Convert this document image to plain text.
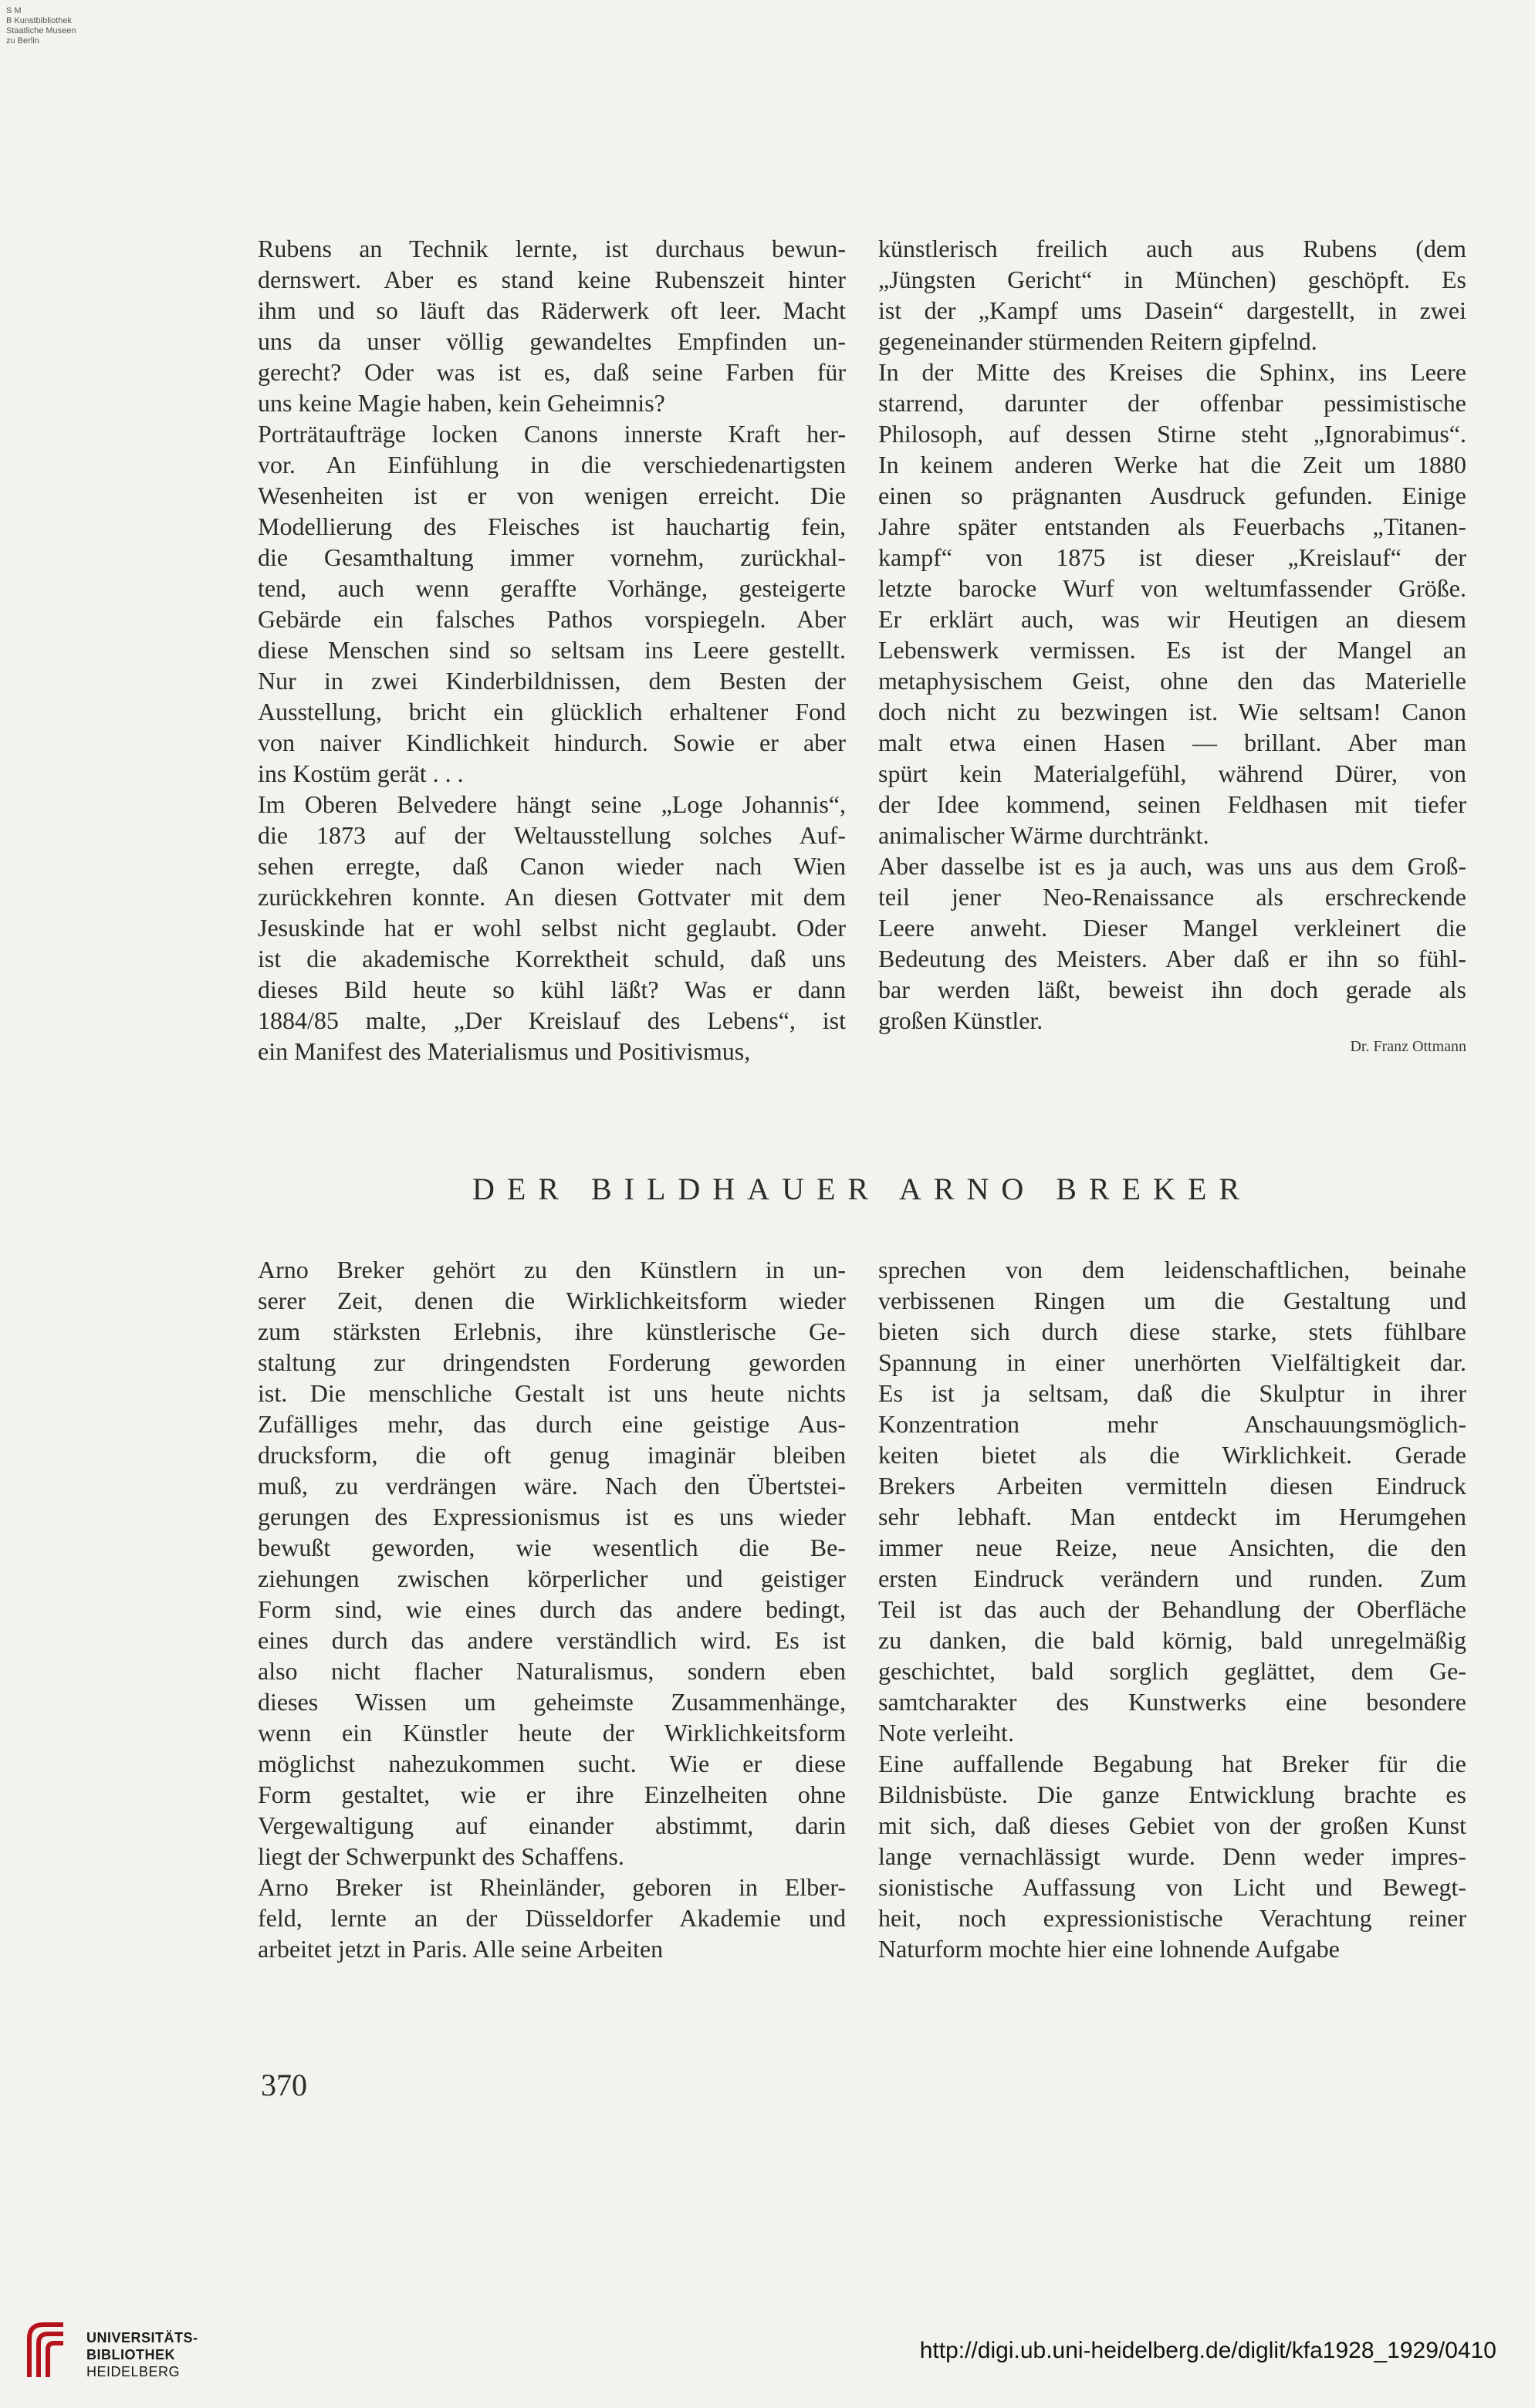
S M
B Kunstbibliothek
Staatliche Museen
zu Berlin
Rubens an Technik lernte, ist durchaus bewun-
dernswert. Aber es stand keine Rubenszeit hinter
ihm und so läuft das Räderwerk oft leer. Macht
uns da unser völlig gewandeltes Empfinden un-
gerecht? Oder was ist es, daß seine Farben für
uns keine Magie haben, kein Geheimnis?
Porträtaufträge locken Canons innerste Kraft her-
vor. An Einfühlung in die verschiedenartigsten
Wesenheiten ist er von wenigen erreicht. Die
Modellierung des Fleisches ist hauchartig fein,
die Gesamthaltung immer vornehm, zurückhal-
tend, auch wenn geraffte Vorhänge, gesteigerte
Gebärde ein falsches Pathos vorspiegeln. Aber
diese Menschen sind so seltsam ins Leere gestellt.
Nur in zwei Kinderbildnissen, dem Besten der
Ausstellung, bricht ein glücklich erhaltener Fond
von naiver Kindlichkeit hindurch. Sowie er aber
ins Kostüm gerät . . .
Im Oberen Belvedere hängt seine „Loge Johannis“,
die 1873 auf der Weltausstellung solches Auf-
sehen erregte, daß Canon wieder nach Wien
zurückkehren konnte. An diesen Gottvater mit dem
Jesuskinde hat er wohl selbst nicht geglaubt. Oder
ist die akademische Korrektheit schuld, daß uns
dieses Bild heute so kühl läßt? Was er dann
1884/85 malte, „Der Kreislauf des Lebens“, ist
ein Manifest des Materialismus und Positivismus,
künstlerisch freilich auch aus Rubens (dem
„Jüngsten Gericht“ in München) geschöpft. Es
ist der „Kampf ums Dasein“ dargestellt, in zwei
gegeneinander stürmenden Reitern gipfelnd.
In der Mitte des Kreises die Sphinx, ins Leere
starrend, darunter der offenbar pessimistische
Philosoph, auf dessen Stirne steht „Ignorabimus“.
In keinem anderen Werke hat die Zeit um 1880
einen so prägnanten Ausdruck gefunden. Einige
Jahre später entstanden als Feuerbachs „Titanen-
kampf“ von 1875 ist dieser „Kreislauf“ der
letzte barocke Wurf von weltumfassender Größe.
Er erklärt auch, was wir Heutigen an diesem
Lebenswerk vermissen. Es ist der Mangel an
metaphysischem Geist, ohne den das Materielle
doch nicht zu bezwingen ist. Wie seltsam! Canon
malt etwa einen Hasen — brillant. Aber man
spürt kein Materialgefühl, während Dürer, von
der Idee kommend, seinen Feldhasen mit tiefer
animalischer Wärme durchtränkt.
Aber dasselbe ist es ja auch, was uns aus dem Groß-
teil jener Neo-Renaissance als erschreckende
Leere anweht. Dieser Mangel verkleinert die
Bedeutung des Meisters. Aber daß er ihn so fühl-
bar werden läßt, beweist ihn doch gerade als
großen Künstler.
Dr. Franz Ottmann
DER BILDHAUER ARNO BREKER
Arno Breker gehört zu den Künstlern in un-
serer Zeit, denen die Wirklichkeitsform wieder
zum stärksten Erlebnis, ihre künstlerische Ge-
staltung zur dringendsten Forderung geworden
ist. Die menschliche Gestalt ist uns heute nichts
Zufälliges mehr, das durch eine geistige Aus-
drucksform, die oft genug imaginär bleiben
muß, zu verdrängen wäre. Nach den Übertstei-
gerungen des Expressionismus ist es uns wieder
bewußt geworden, wie wesentlich die Be-
ziehungen zwischen körperlicher und geistiger
Form sind, wie eines durch das andere bedingt,
eines durch das andere verständlich wird. Es ist
also nicht flacher Naturalismus, sondern eben
dieses Wissen um geheimste Zusammenhänge,
wenn ein Künstler heute der Wirklichkeitsform
möglichst nahezukommen sucht. Wie er diese
Form gestaltet, wie er ihre Einzelheiten ohne
Vergewaltigung auf einander abstimmt, darin
liegt der Schwerpunkt des Schaffens.
Arno Breker ist Rheinländer, geboren in Elber-
feld, lernte an der Düsseldorfer Akademie und
arbeitet jetzt in Paris. Alle seine Arbeiten
sprechen von dem leidenschaftlichen, beinahe
verbissenen Ringen um die Gestaltung und
bieten sich durch diese starke, stets fühlbare
Spannung in einer unerhörten Vielfältigkeit dar.
Es ist ja seltsam, daß die Skulptur in ihrer
Konzentration mehr Anschauungsmöglich-
keiten bietet als die Wirklichkeit. Gerade
Brekers Arbeiten vermitteln diesen Eindruck
sehr lebhaft. Man entdeckt im Herumgehen
immer neue Reize, neue Ansichten, die den
ersten Eindruck verändern und runden. Zum
Teil ist das auch der Behandlung der Oberfläche
zu danken, die bald körnig, bald unregelmäßig
geschichtet, bald sorglich geglättet, dem Ge-
samtcharakter des Kunstwerks eine besondere
Note verleiht.
Eine auffallende Begabung hat Breker für die
Bildnisbüste. Die ganze Entwicklung brachte es
mit sich, daß dieses Gebiet von der großen Kunst
lange vernachlässigt wurde. Denn weder impres-
sionistische Auffassung von Licht und Bewegt-
heit, noch expressionistische Verachtung reiner
Naturform mochte hier eine lohnende Aufgabe
370
UNIVERSITÄTS-
BIBLIOTHEK
HEIDELBERG
http://digi.ub.uni-heidelberg.de/diglit/kfa1928_1929/0410
